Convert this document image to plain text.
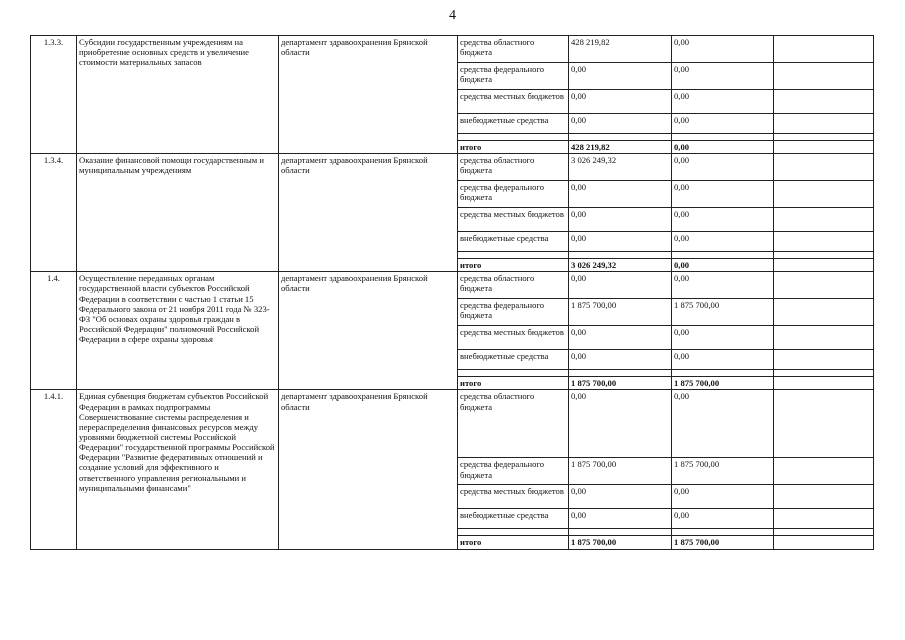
4
1.3.3.	Субсидии государственным учреждениям на приобретение основных средств и увеличение стоимости материальных запасов	департамент здравоохранения Брянской области	средства областного бюджета	428 219,82	0,00	
			средства федерального бюджета	0,00	0,00	
			средства местных бюджетов	0,00	0,00	
			внебюджетные средства	0,00	0,00	

			итого	428 219,82	0,00	
1.3.4.	Оказание финансовой помощи государственным и муниципальным учреждениям	департамент здравоохранения Брянской области	средства областного бюджета	3 026 249,32	0,00	
			средства федерального бюджета	0,00	0,00	
			средства местных бюджетов	0,00	0,00	
			внебюджетные средства	0,00	0,00	

			итого	3 026 249,32	0,00	
1.4.	Осуществление переданных органам государственной власти субъектов Российской Федерации в соответствии с частью 1 статьи 15 Федерального закона от 21 ноября 2011 года № 323-ФЗ "Об основах охраны здоровья граждан в Российской Федерации" полномочий Российской Федерации в сфере охраны здоровья	департамент здравоохранения Брянской области	средства областного бюджета	0,00	0,00	
			средства федерального бюджета	1 875 700,00	1 875 700,00	
			средства местных бюджетов	0,00	0,00	
			внебюджетные средства	0,00	0,00	

			итого	1 875 700,00	1 875 700,00	
1.4.1.	Единая субвенция бюджетам субъектов Российской Федерации в рамках подпрограммы Совершенствование системы распределения и перераспределения финансовых ресурсов между уровнями бюджетной системы Российской Федерации" государственной программы Российской Федерации "Развитие федеративных отношений и создание условий для эффективного и ответственного управления региональными и муниципальными финансами"	департамент здравоохранения Брянской области	средства областного бюджета	0,00	0,00	
			средства федерального бюджета	1 875 700,00	1 875 700,00	
			средства местных бюджетов	0,00	0,00	
			внебюджетные средства	0,00	0,00	

			итого	1 875 700,00	1 875 700,00	
